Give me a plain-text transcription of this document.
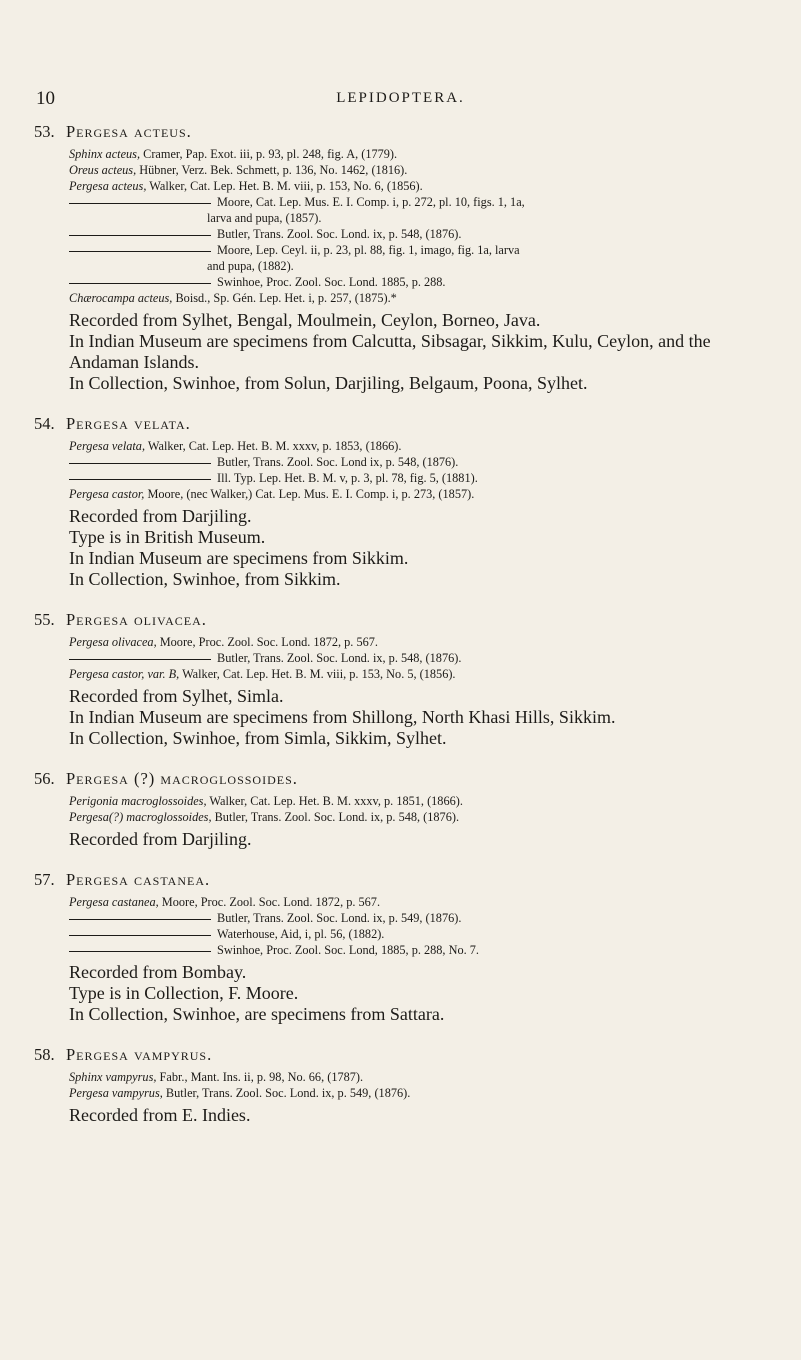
10	LEPIDOPTERA.
53. Pergesa acteus.
Sphinx acteus, Cramer, Pap. Exot. iii, p. 93, pl. 248, fig. A, (1779).
Oreus acteus, Hübner, Verz. Bek. Schmett, p. 136, No. 1462, (1816).
Pergesa acteus, Walker, Cat. Lep. Het. B. M. viii, p. 153, No. 6, (1856).
Moore, Cat. Lep. Mus. E. I. Comp. i, p. 272, pl. 10, figs. 1, 1a,
larva and pupa, (1857).
Butler, Trans. Zool. Soc. Lond. ix, p. 548, (1876).
Moore, Lep. Ceyl. ii, p. 23, pl. 88, fig. 1, imago, fig. 1a, larva
and pupa, (1882).
Swinhoe, Proc. Zool. Soc. Lond. 1885, p. 288.
Chærocampa acteus, Boisd., Sp. Gén. Lep. Het. i, p. 257, (1875).*
Recorded from Sylhet, Bengal, Moulmein, Ceylon, Borneo, Java.
In Indian Museum are specimens from Calcutta, Sibsagar, Sikkim, Kulu, Ceylon, and the Andaman Islands.
In Collection, Swinhoe, from Solun, Darjiling, Belgaum, Poona, Sylhet.
54. Pergesa velata.
Pergesa velata, Walker, Cat. Lep. Het. B. M. xxxv, p. 1853, (1866).
Butler, Trans. Zool. Soc. Lond ix, p. 548, (1876).
Ill. Typ. Lep. Het. B. M. v, p. 3, pl. 78, fig. 5, (1881).
Pergesa castor, Moore, (nec Walker,) Cat. Lep. Mus. E. I. Comp. i, p. 273, (1857).
Recorded from Darjiling.
Type is in British Museum.
In Indian Museum are specimens from Sikkim.
In Collection, Swinhoe, from Sikkim.
55. Pergesa olivacea.
Pergesa olivacea, Moore, Proc. Zool. Soc. Lond. 1872, p. 567.
Butler, Trans. Zool. Soc. Lond. ix, p. 548, (1876).
Pergesa castor, var. B, Walker, Cat. Lep. Het. B. M. viii, p. 153, No. 5, (1856).
Recorded from Sylhet, Simla.
In Indian Museum are specimens from Shillong, North Khasi Hills, Sikkim.
In Collection, Swinhoe, from Simla, Sikkim, Sylhet.
56. Pergesa (?) macroglossoides.
Perigonia macroglossoides, Walker, Cat. Lep. Het. B. M. xxxv, p. 1851, (1866).
Pergesa(?) macroglossoides, Butler, Trans. Zool. Soc. Lond. ix, p. 548, (1876).
Recorded from Darjiling.
57. Pergesa castanea.
Pergesa castanea, Moore, Proc. Zool. Soc. Lond. 1872, p. 567.
Butler, Trans. Zool. Soc. Lond. ix, p. 549, (1876).
Waterhouse, Aid, i, pl. 56, (1882).
Swinhoe, Proc. Zool. Soc. Lond, 1885, p. 288, No. 7.
Recorded from Bombay.
Type is in Collection, F. Moore.
In Collection, Swinhoe, are specimens from Sattara.
58. Pergesa vampyrus.
Sphinx vampyrus, Fabr., Mant. Ins. ii, p. 98, No. 66, (1787).
Pergesa vampyrus, Butler, Trans. Zool. Soc. Lond. ix, p. 549, (1876).
Recorded from E. Indies.
